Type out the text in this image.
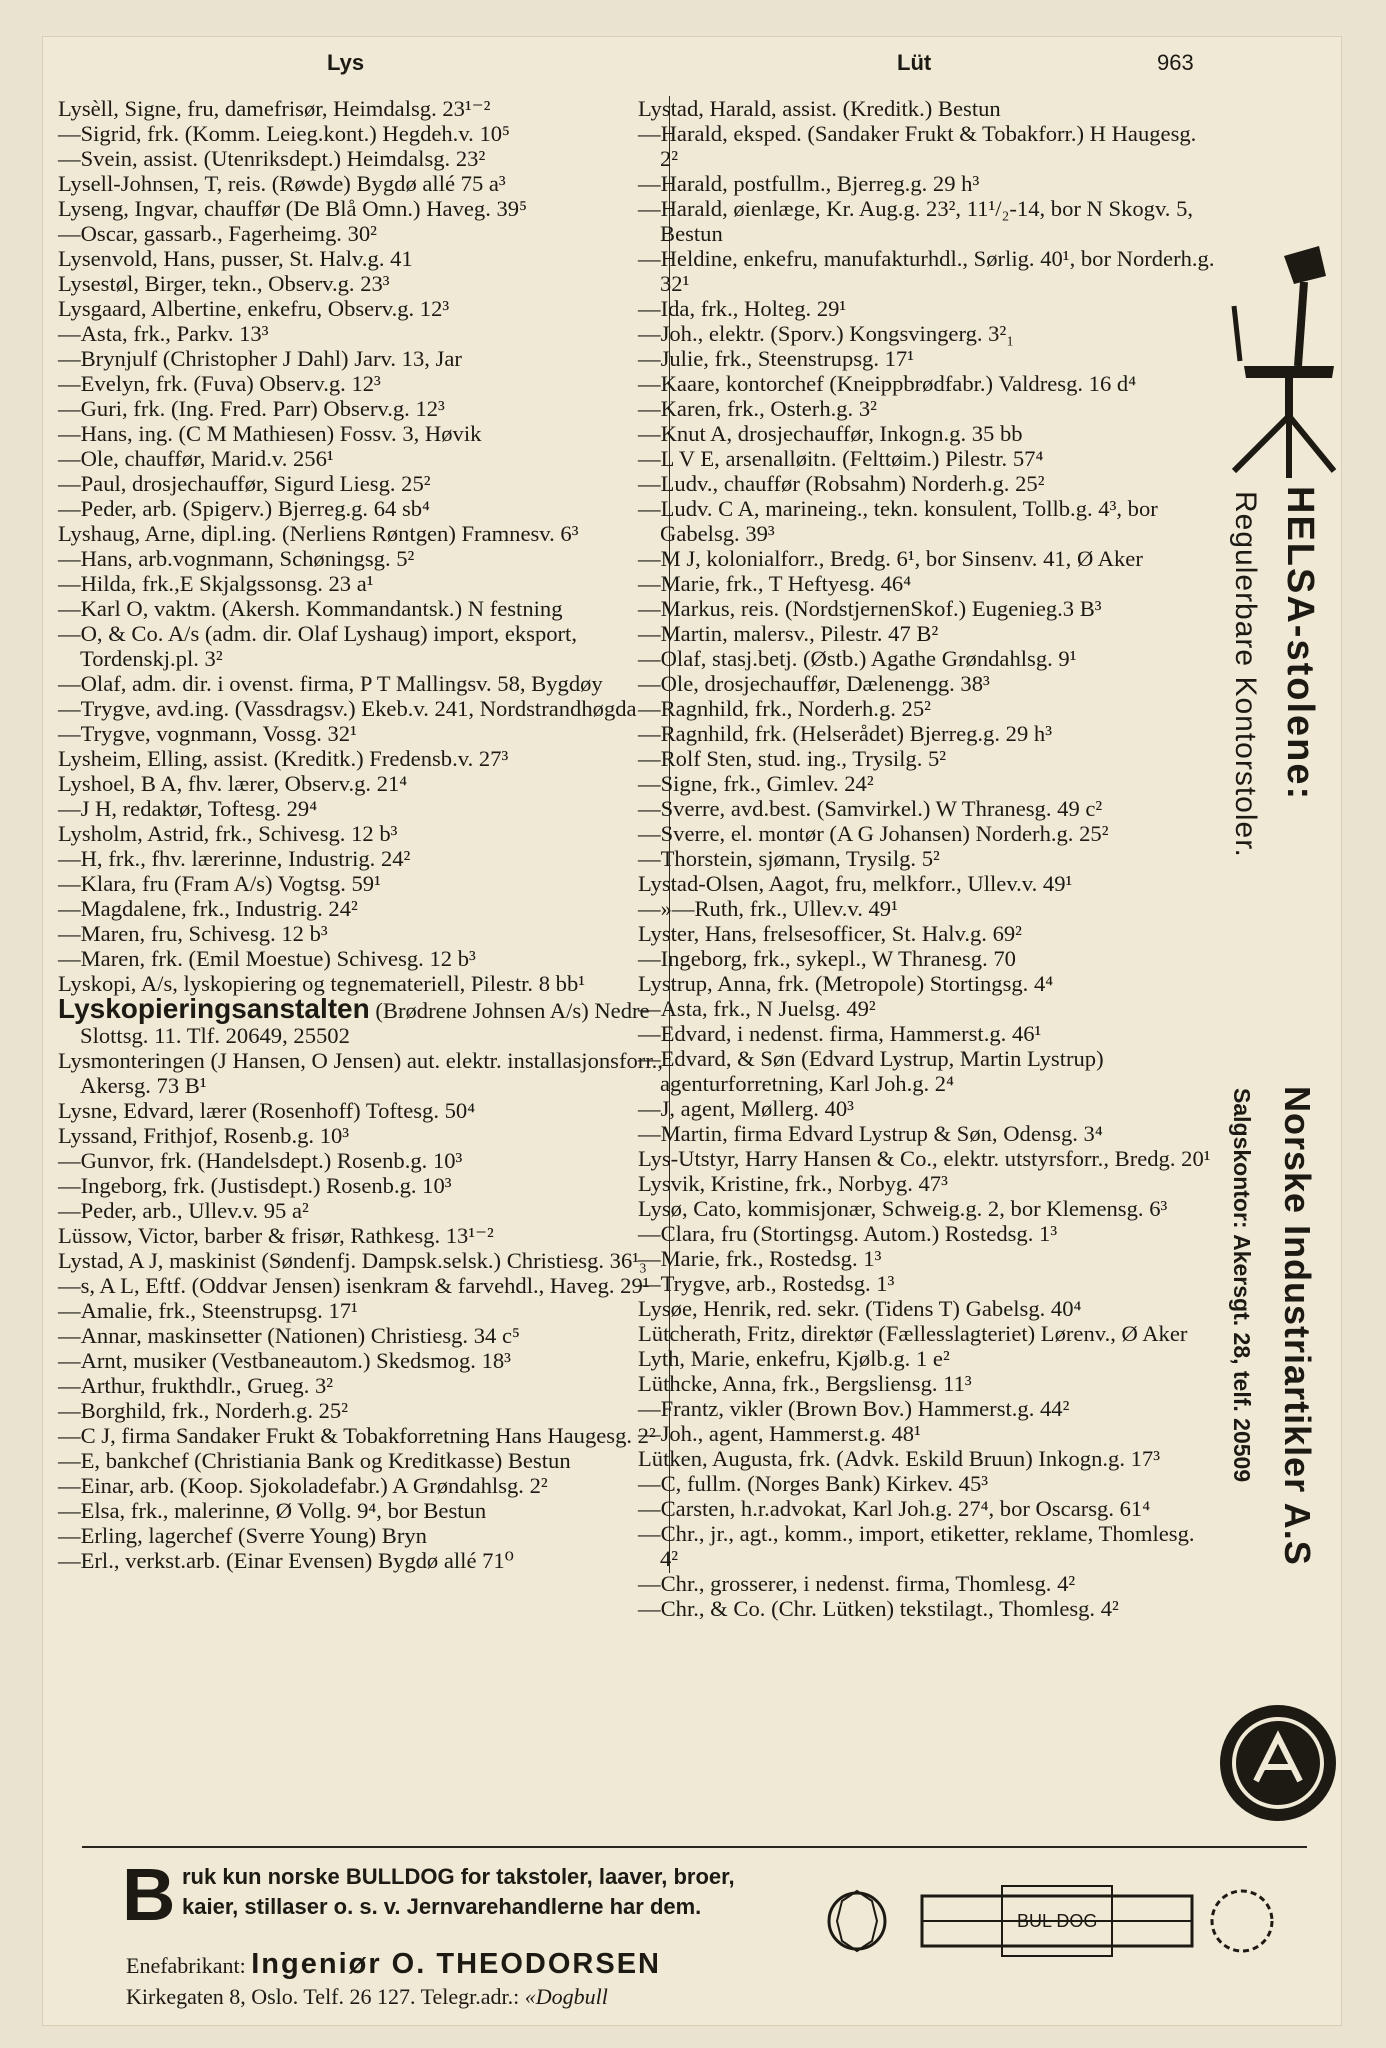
Lys	Lüt	963

Lysèll, Signe, fru, damefrisør, Heimdalsg. 23¹⁻²

—Sigrid, frk. (Komm. Leieg.kont.) Hegdeh.v. 10⁵

—Svein, assist. (Utenriksdept.) Heimdalsg. 23²

Lysell-Johnsen, T, reis. (Røwde) Bygdø allé 75 a³

Lyseng, Ingvar, chauffør (De Blå Omn.) Haveg. 39⁵

—Oscar, gassarb., Fagerheimg. 30²

Lysenvold, Hans, pusser, St. Halv.g. 41

Lysestøl, Birger, tekn., Observ.g. 23³

Lysgaard, Albertine, enkefru, Observ.g. 12³

—Asta, frk., Parkv. 13³

—Brynjulf (Christopher J Dahl) Jarv. 13, Jar

—Evelyn, frk. (Fuva) Observ.g. 12³

—Guri, frk. (Ing. Fred. Parr) Observ.g. 12³

—Hans, ing. (C M Mathiesen) Fossv. 3, Høvik

—Ole, chauffør, Marid.v. 256¹

—Paul, drosjechauffør, Sigurd Liesg. 25²

—Peder, arb. (Spigerv.) Bjerreg.g. 64 sb⁴

Lyshaug, Arne, dipl.ing. (Nerliens Røntgen) Framnesv. 6³

—Hans, arb.vognmann, Schøningsg. 5²

—Hilda, frk.,E Skjalgssonsg. 23 a¹

—Karl O, vaktm. (Akersh. Kommandantsk.) N festning

—O, & Co. A/s (adm. dir. Olaf Lyshaug) import, eksport, Tordenskj.pl. 3²

—Olaf, adm. dir. i ovenst. firma, P T Mallingsv. 58, Bygdøy

—Trygve, avd.ing. (Vassdragsv.) Ekeb.v. 241, Nordstrandhøgda

—Trygve, vognmann, Vossg. 32¹

Lysheim, Elling, assist. (Kreditk.) Fredensb.v. 27³

Lyshoel, B A, fhv. lærer, Observ.g. 21⁴

—J H, redaktør, Toftesg. 29⁴

Lysholm, Astrid, frk., Schivesg. 12 b³

—H, frk., fhv. lærerinne, Industrig. 24²

—Klara, fru (Fram A/s) Vogtsg. 59¹

—Magdalene, frk., Industrig. 24²

—Maren, fru, Schivesg. 12 b³

—Maren, frk. (Emil Moestue) Schivesg. 12 b³

Lyskopi, A/s, lyskopiering og tegnemateriell, Pilestr. 8 bb¹

Lyskopieringsanstalten (Brødrene Johnsen A/s) Nedre Slottsg. 11. Tlf. 20649, 25502

Lysmonteringen (J Hansen, O Jensen) aut. elektr. installasjonsforr., Akersg. 73 B¹

Lysne, Edvard, lærer (Rosenhoff) Toftesg. 50⁴

Lyssand, Frithjof, Rosenb.g. 10³

—Gunvor, frk. (Handelsdept.) Rosenb.g. 10³

—Ingeborg, frk. (Justisdept.) Rosenb.g. 10³

—Peder, arb., Ullev.v. 95 a²

Lüssow, Victor, barber & frisør, Rathkesg. 13¹⁻²

Lystad, A J, maskinist (Søndenfj. Dampsk.selsk.) Christiesg. 36¹₃

—s, A L, Eftf. (Oddvar Jensen) isenkram & farvehdl., Haveg. 29¹

—Amalie, frk., Steenstrupsg. 17¹

—Annar, maskinsetter (Nationen) Christiesg. 34 c⁵

—Arnt, musiker (Vestbaneautom.) Skedsmog. 18³

—Arthur, frukthdlr., Grueg. 3²

—Borghild, frk., Norderh.g. 25²

—C J, firma Sandaker Frukt & Tobakforretning Hans Haugesg. 2²

—E, bankchef (Christiania Bank og Kreditkasse) Bestun

—Einar, arb. (Koop. Sjokoladefabr.) A Grøndahlsg. 2²

—Elsa, frk., malerinne, Ø Vollg. 9⁴, bor Bestun

—Erling, lagerchef (Sverre Young) Bryn

—Erl., verkst.arb. (Einar Evensen) Bygdø allé 71⁰

Lystad, Harald, assist. (Kreditk.) Bestun

—Harald, eksped. (Sandaker Frukt & Tobakforr.) H Haugesg. 2²

—Harald, postfullm., Bjerreg.g. 29 h³

—Harald, øienlæge, Kr. Aug.g. 23², 11¹/₂-14, bor N Skogv. 5, Bestun

—Heldine, enkefru, manufakturhdl., Sørlig. 40¹, bor Norderh.g. 32¹

—Ida, frk., Holteg. 29¹

—Joh., elektr. (Sporv.) Kongsvingerg. 3²₁

—Julie, frk., Steenstrupsg. 17¹

—Kaare, kontorchef (Kneippbrødfabr.) Valdresg. 16 d⁴

—Karen, frk., Osterh.g. 3²

—Knut A, drosjechauffør, Inkogn.g. 35 bb

—L V E, arsenalløitn. (Felttøim.) Pilestr. 57⁴

—Ludv., chauffør (Robsahm) Norderh.g. 25²

—Ludv. C A, marineing., tekn. konsulent, Tollb.g. 4³, bor Gabelsg. 39³

—M J, kolonialforr., Bredg. 6¹, bor Sinsenv. 41, Ø Aker

—Marie, frk., T Heftyesg. 46⁴

—Markus, reis. (NordstjernenSkof.) Eugenieg.3 B³

—Martin, malersv., Pilestr. 47 B²

—Olaf, stasj.betj. (Østb.) Agathe Grøndahlsg. 9¹

—Ole, drosjechauffør, Dælenengg. 38³

—Ragnhild, frk., Norderh.g. 25²

—Ragnhild, frk. (Helserådet) Bjerreg.g. 29 h³

—Rolf Sten, stud. ing., Trysilg. 5²

—Signe, frk., Gimlev. 24²

—Sverre, avd.best. (Samvirkel.) W Thranesg. 49 c²

—Sverre, el. montør (A G Johansen) Norderh.g. 25²

—Thorstein, sjømann, Trysilg. 5²

Lystad-Olsen, Aagot, fru, melkforr., Ullev.v. 49¹

—»—Ruth, frk., Ullev.v. 49¹

Lyster, Hans, frelsesofficer, St. Halv.g. 69²

—Ingeborg, frk., sykepl., W Thranesg. 70

Lystrup, Anna, frk. (Metropole) Stortingsg. 4⁴

—Asta, frk., N Juelsg. 49²

—Edvard, i nedenst. firma, Hammerst.g. 46¹

—Edvard, & Søn (Edvard Lystrup, Martin Lystrup) agenturforretning, Karl Joh.g. 2⁴

—J, agent, Møllerg. 40³

—Martin, firma Edvard Lystrup & Søn, Odensg. 3⁴

Lys-Utstyr, Harry Hansen & Co., elektr. utstyrsforr., Bredg. 20¹

Lysvik, Kristine, frk., Norbyg. 47³

Lysø, Cato, kommisjonær, Schweig.g. 2, bor Klemensg. 6³

—Clara, fru (Stortingsg. Autom.) Rostedsg. 1³

—Marie, frk., Rostedsg. 1³

—Trygve, arb., Rostedsg. 1³

Lysøe, Henrik, red. sekr. (Tidens T) Gabelsg. 40⁴

Lütcherath, Fritz, direktør (Fællesslagteriet) Lørenv., Ø Aker

Lyth, Marie, enkefru, Kjølb.g. 1 e²

Lüthcke, Anna, frk., Bergsliensg. 11³

—Frantz, vikler (Brown Bov.) Hammerst.g. 44²

—Joh., agent, Hammerst.g. 48¹

Lütken, Augusta, frk. (Advk. Eskild Bruun) Inkogn.g. 17³

—C, fullm. (Norges Bank) Kirkev. 45³

—Carsten, h.r.advokat, Karl Joh.g. 27⁴, bor Oscarsg. 61⁴

—Chr., jr., agt., komm., import, etiketter, reklame, Thomlesg. 4²

—Chr., grosserer, i nedenst. firma, Thomlesg. 4²

—Chr., & Co. (Chr. Lütken) tekstilagt., Thomlesg. 4²

HELSA-stolene:
Regulerbare Kontorstoler.
Norske Industriartikler A.S
Salgskontor: Akersgt. 28, telf. 20509
B ruk kun norske BULLDOG for takstoler, laaver, broer,
kaier, stillaser o. s. v. Jernvarehandlerne har dem.
Enefabrikant: Ingeniør O. THEODORSEN
Kirkegaten 8, Oslo. Telf. 26 127. Telegr.adr.: «Dogbull
BUL DOG
